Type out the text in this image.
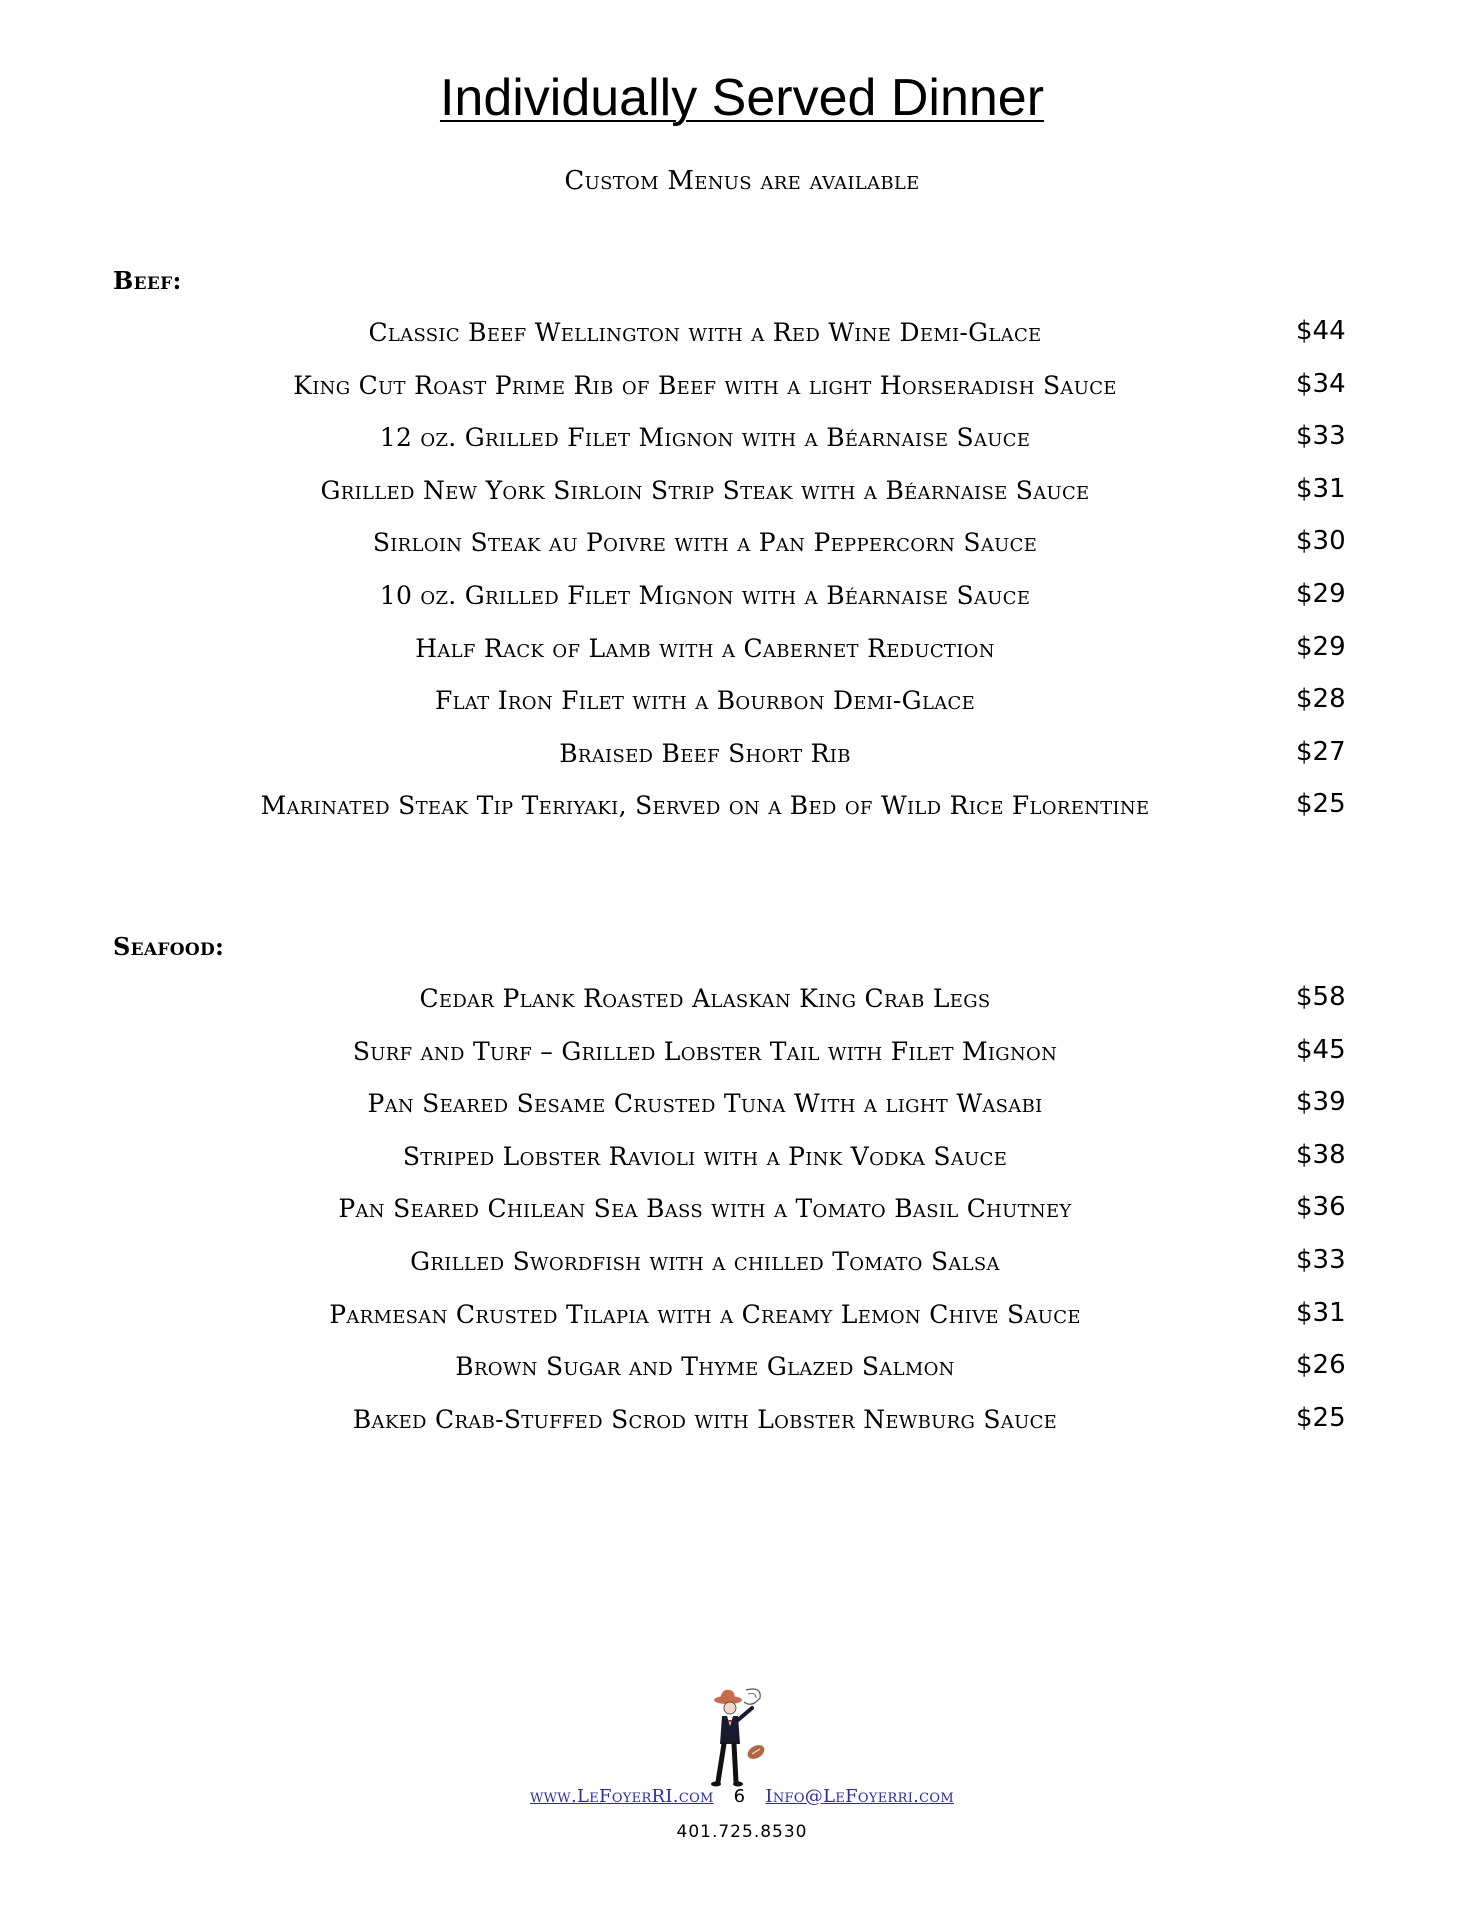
Individually Served Dinner
Custom Menus are available
Beef:
Classic Beef Wellington with a Red Wine Demi-Glace	$44
King Cut Roast Prime Rib of Beef with a light Horseradish Sauce	$34
12 oz. Grilled Filet Mignon with a Béarnaise Sauce	$33
Grilled New York Sirloin Strip Steak with a Béarnaise Sauce	$31
Sirloin Steak au Poivre with a Pan Peppercorn Sauce	$30
10 oz. Grilled Filet Mignon with a Béarnaise Sauce	$29
Half Rack of Lamb with a Cabernet Reduction	$29
Flat Iron Filet with a Bourbon Demi-Glace	$28
Braised Beef Short Rib	$27
Marinated Steak Tip Teriyaki, Served on a Bed of Wild Rice Florentine	$25
Seafood:
Cedar Plank Roasted Alaskan King Crab Legs	$58
Surf and Turf – Grilled Lobster Tail with Filet Mignon	$45
Pan Seared Sesame Crusted Tuna With a light Wasabi	$39
Striped Lobster Ravioli with a Pink Vodka Sauce	$38
Pan Seared Chilean Sea Bass with a Tomato Basil Chutney	$36
Grilled Swordfish with a chilled Tomato Salsa	$33
Parmesan Crusted Tilapia with a Creamy Lemon Chive Sauce	$31
Brown Sugar and Thyme Glazed Salmon	$26
Baked Crab-Stuffed Scrod with Lobster Newburg Sauce	$25
www.LeFoyerRI.com 6 Info@LeFoyerri.com
401.725.8530
